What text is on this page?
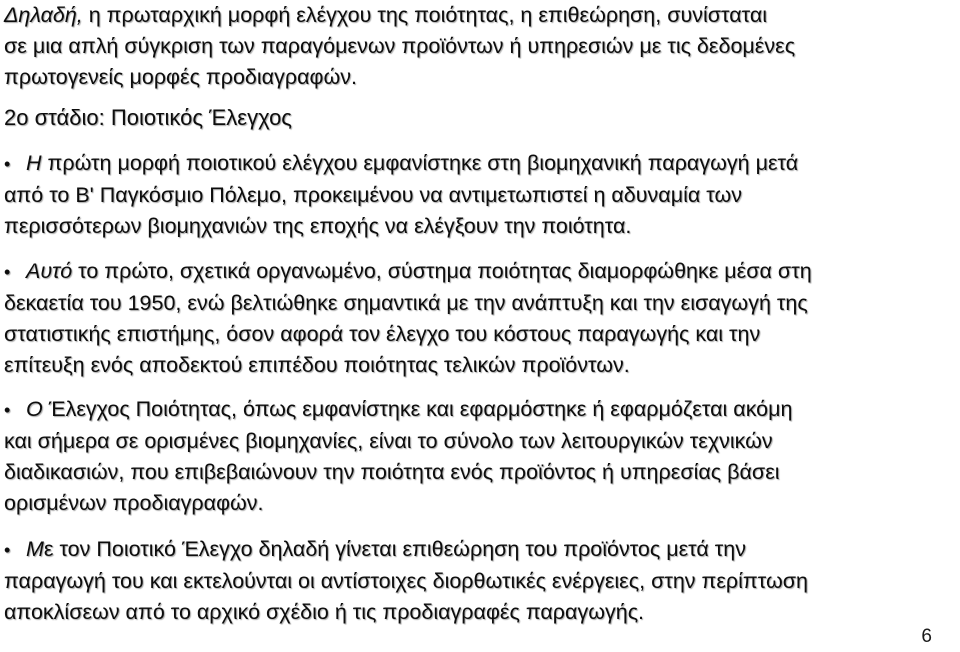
Δηλαδή, η πρωταρχική μορφή ελέγχου της ποιότητας, η επιθεώρηση, συνίσταται
σε μια απλή σύγκριση των παραγόμενων προϊόντων ή υπηρεσιών με τις δεδομένες
πρωτογενείς μορφές προδιαγραφών.

2ο στάδιο: Ποιοτικός Έλεγχος

• Η πρώτη μορφή ποιοτικού ελέγχου εμφανίστηκε στη βιομηχανική παραγωγή μετά
από το Β' Παγκόσμιο Πόλεμο, προκειμένου να αντιμετωπιστεί η αδυναμία των
περισσότερων βιομηχανιών της εποχής να ελέγξουν την ποιότητα.

• Αυτό το πρώτο, σχετικά οργανωμένο, σύστημα ποιότητας διαμορφώθηκε μέσα στη
δεκαετία του 1950, ενώ βελτιώθηκε σημαντικά με την ανάπτυξη και την εισαγωγή της
στατιστικής επιστήμης, όσον αφορά τον έλεγχο του κόστους παραγωγής και την
επίτευξη ενός αποδεκτού επιπέδου ποιότητας τελικών προϊόντων.

• Ο Έλεγχος Ποιότητας, όπως εμφανίστηκε και εφαρμόστηκε ή εφαρμόζεται ακόμη
και σήμερα σε ορισμένες βιομηχανίες, είναι το σύνολο των λειτουργικών τεχνικών
διαδικασιών, που επιβεβαιώνουν την ποιότητα ενός προϊόντος ή υπηρεσίας βάσει
ορισμένων προδιαγραφών.

• Με τον Ποιοτικό Έλεγχο δηλαδή γίνεται επιθεώρηση του προϊόντος μετά την
παραγωγή του και εκτελούνται οι αντίστοιχες διορθωτικές ενέργειες, στην περίπτωση
αποκλίσεων από το αρχικό σχέδιο ή τις προδιαγραφές παραγωγής.

6
